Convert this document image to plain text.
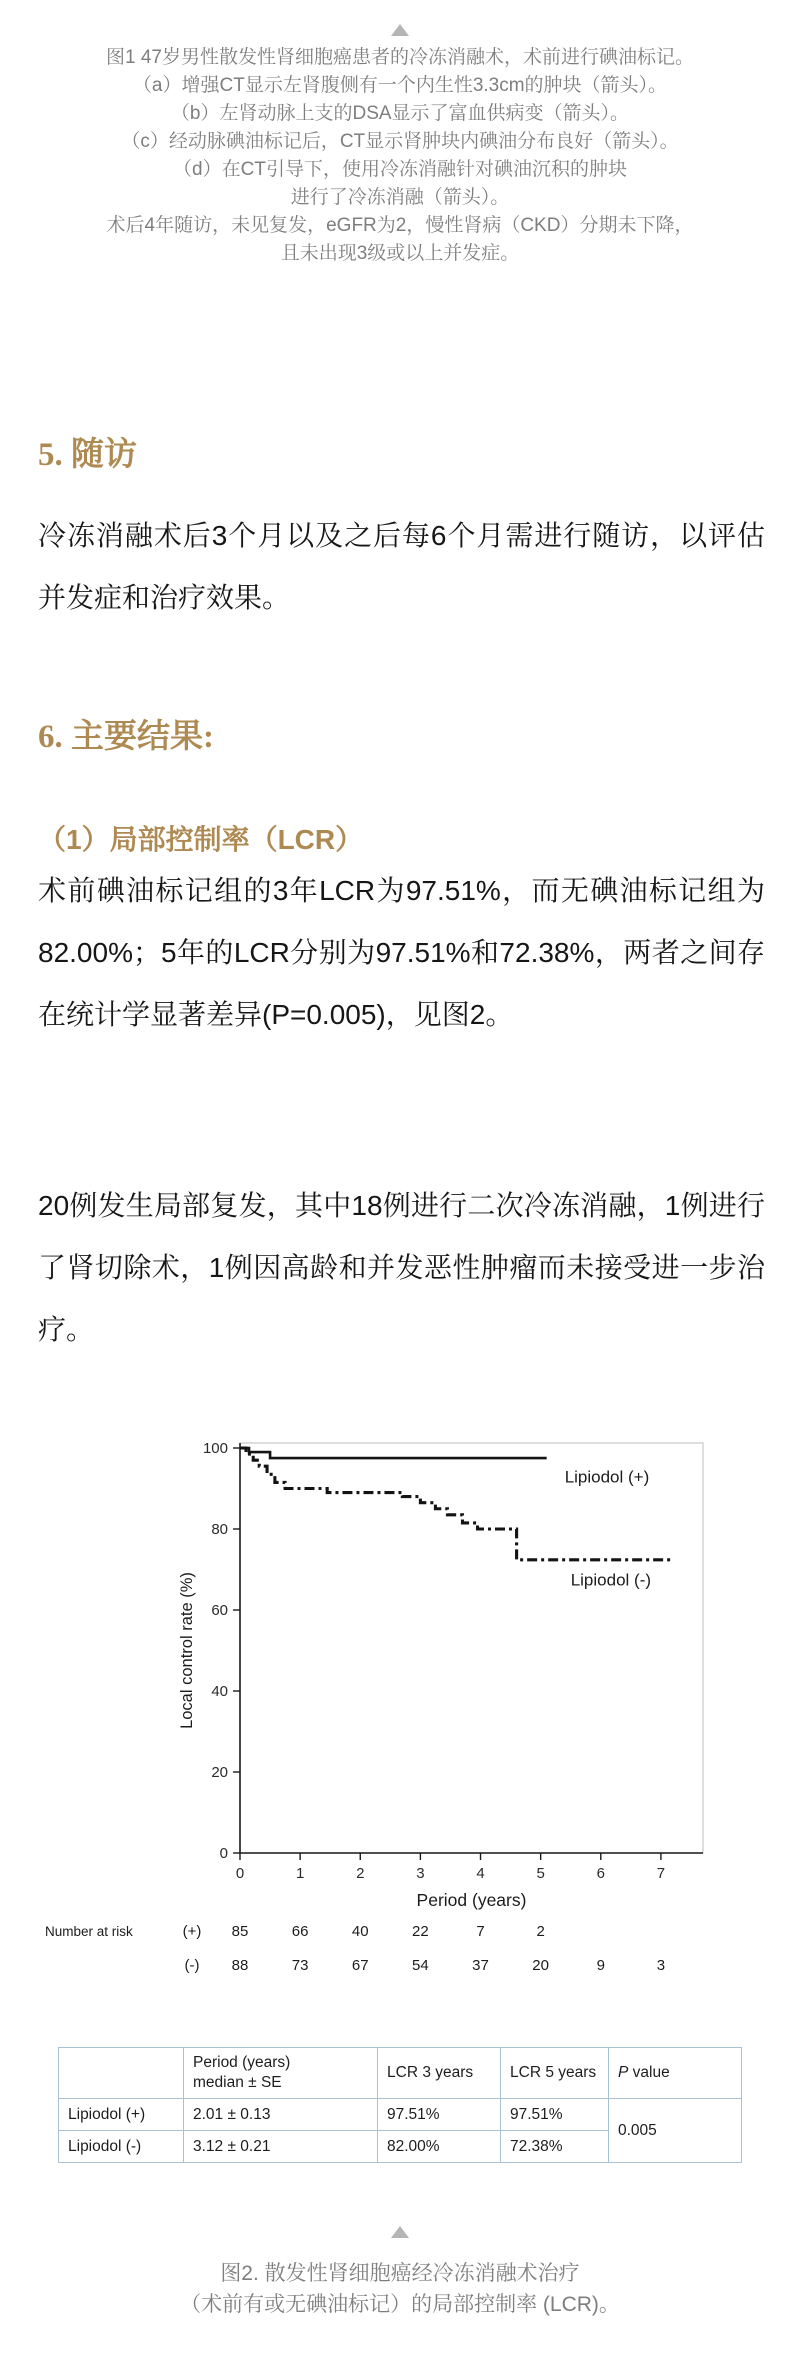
图1 47岁男性散发性肾细胞癌患者的冷冻消融术，术前进行碘油标记。
（a）增强CT显示左肾腹侧有一个内生性3.3cm的肿块（箭头）。
（b）左肾动脉上支的DSA显示了富血供病变（箭头）。
（c）经动脉碘油标记后，CT显示肾肿块内碘油分布良好（箭头）。
（d）在CT引导下，使用冷冻消融针对碘油沉积的肿块
进行了冷冻消融（箭头）。
术后4年随访，未见复发，eGFR为2，慢性肾病（CKD）分期未下降，
且未出现3级或以上并发症。
5. 随访
冷冻消融术后3个月以及之后每6个月需进行随访，以评估并发症和治疗效果。
6. 主要结果:
（1）局部控制率（LCR）
术前碘油标记组的3年LCR为97.51%，而无碘油标记组为82.00%；5年的LCR分别为97.51%和72.38%，两者之间存在统计学显著差异(P=0.005)，见图2。
20例发生局部复发，其中18例进行二次冷冻消融，1例进行了肾切除术，1例因高龄和并发恶性肿瘤而未接受进一步治疗。
0
20
40
60
80
100
0	1	2	3	4	5	6	7
Period (years)
Local control rate (%)
Lipiodol (+)
Lipiodol (-)
Number at risk	(+) 85	66	40	22	7	2
(-) 88	73	67	54	37	20	9	3

	Period (years)
median ± SE	LCR 3 years	LCR 5 years	P value

Lipiodol (+)	2.01 ± 0.13	97.51%	97.51%	0.005
Lipiodol (-)	3.12 ± 0.21	82.00%	72.38%	
图2. 散发性肾细胞癌经冷冻消融术治疗
（术前有或无碘油标记）的局部控制率 (LCR)。
